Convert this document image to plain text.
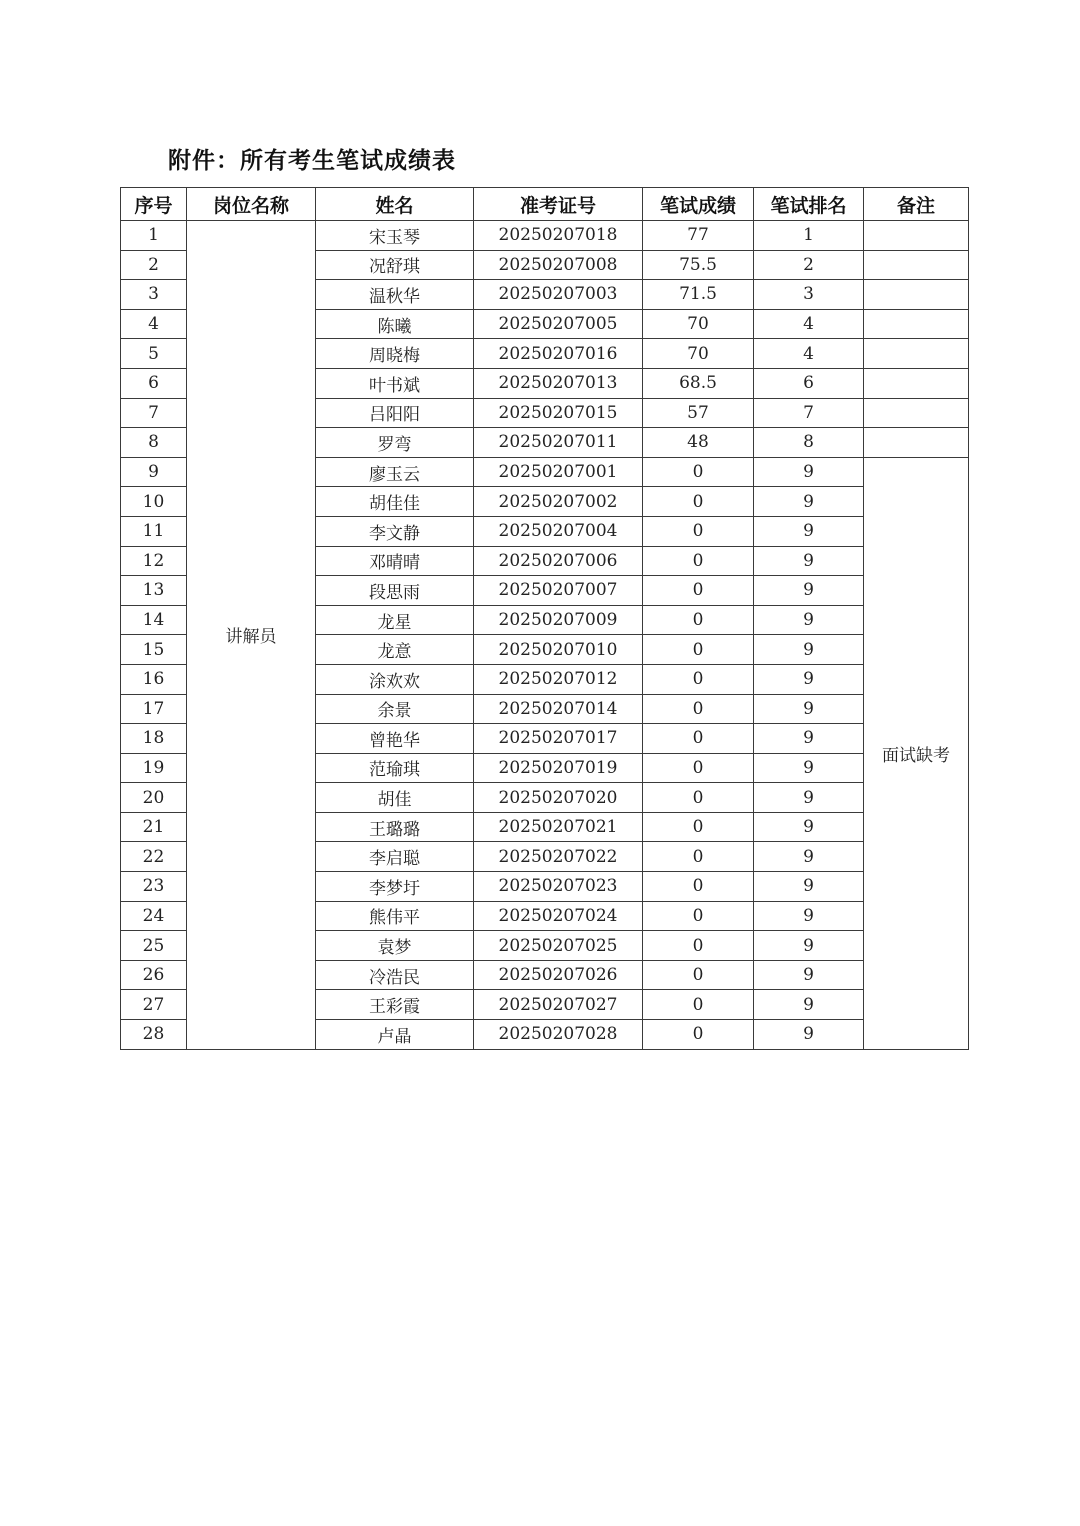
附件：所有考生笔试成绩表
序号	岗位名称	姓名	准考证号	笔试成绩	笔试排名	备注
1	讲解员	宋玉琴	20250207018	77	1	
2		况舒琪	20250207008	75.5	2	
3		温秋华	20250207003	71.5	3	
4		陈曦	20250207005	70	4	
5		周晓梅	20250207016	70	4	
6		叶书斌	20250207013	68.5	6	
7		吕阳阳	20250207015	57	7	
8		罗弯	20250207011	48	8	
9		廖玉云	20250207001	0	9	面试缺考
10		胡佳佳	20250207002	0	9	
11		李文静	20250207004	0	9	
12		邓晴晴	20250207006	0	9	
13		段思雨	20250207007	0	9	
14		龙星	20250207009	0	9	
15		龙意	20250207010	0	9	
16		涂欢欢	20250207012	0	9	
17		余景	20250207014	0	9	
18		曾艳华	20250207017	0	9	
19		范瑜琪	20250207019	0	9	
20		胡佳	20250207020	0	9	
21		王璐璐	20250207021	0	9	
22		李启聪	20250207022	0	9	
23		李梦圩	20250207023	0	9	
24		熊伟平	20250207024	0	9	
25		袁梦	20250207025	0	9	
26		冷浩民	20250207026	0	9	
27		王彩霞	20250207027	0	9	
28		卢晶	20250207028	0	9	
